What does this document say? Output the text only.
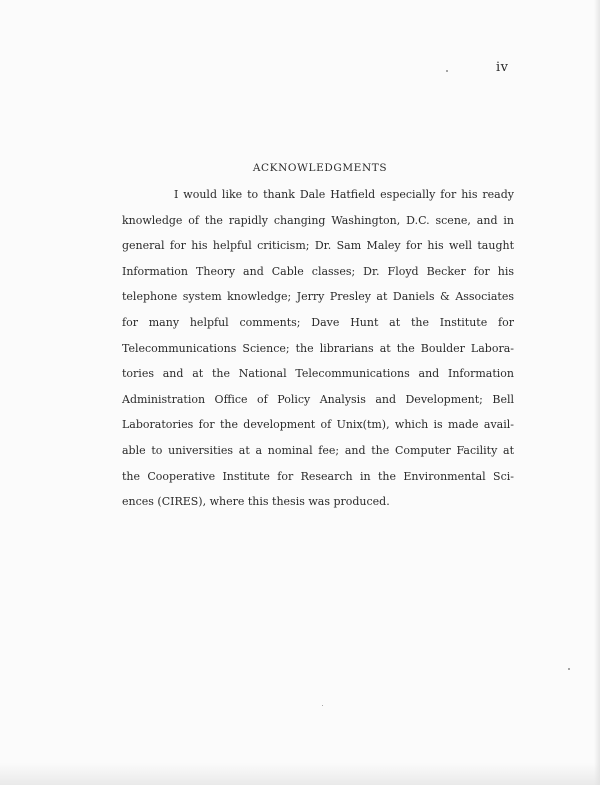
iv
ACKNOWLEDGMENTS
I would like to thank Dale Hatfield especially for his ready
knowledge of the rapidly changing Washington, D.C. scene, and in
general for his helpful criticism; Dr. Sam Maley for his well taught
Information Theory and Cable classes; Dr. Floyd Becker for his
telephone system knowledge; Jerry Presley at Daniels & Associates
for many helpful comments; Dave Hunt at the Institute for
Telecommunications Science; the librarians at the Boulder Labora-
tories and at the National Telecommunications and Information
Administration Office of Policy Analysis and Development; Bell
Laboratories for the development of Unix(tm), which is made avail-
able to universities at a nominal fee; and the Computer Facility at
the Cooperative Institute for Research in the Environmental Sci-
ences (CIRES), where this thesis was produced.
